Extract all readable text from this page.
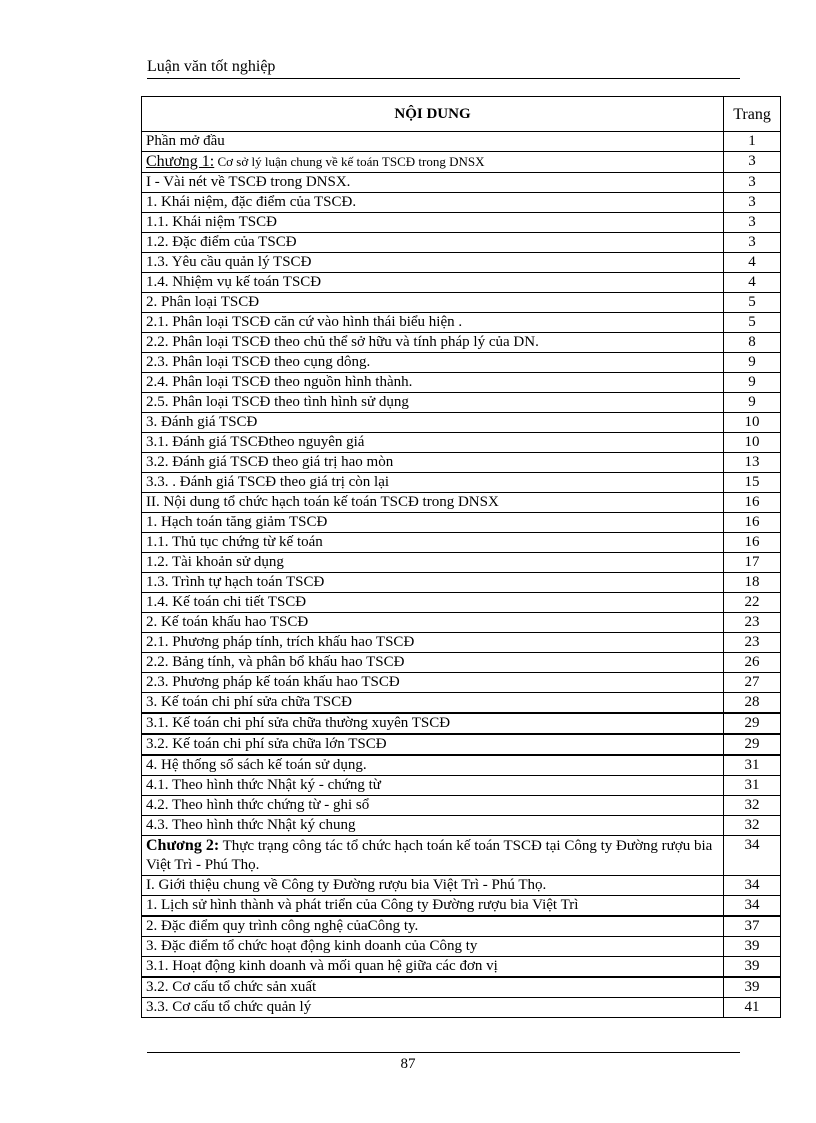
Luận văn tốt nghiệp
NỘI DUNG	Trang
Phần mở đầu	1
Chương 1: Cơ sở lý luận chung về kế toán TSCĐ trong DNSX	3
I - Vài nét về TSCĐ trong DNSX.	3
1. Khái niệm, đặc điểm của TSCĐ.	3
1.1. Khái niệm TSCĐ	3
1.2. Đặc điểm của TSCĐ	3
1.3. Yêu cầu quản lý TSCĐ	4
1.4. Nhiệm vụ kế toán TSCĐ	4
2. Phân loại TSCĐ	5
2.1. Phân loại TSCĐ căn cứ vào hình thái biểu hiện .	5
2.2. Phân loại TSCĐ theo chủ thể sở hữu và tính pháp lý của DN.	8
2.3. Phân loại TSCĐ theo cụng dông.	9
2.4. Phân loại TSCĐ theo nguồn hình thành.	9
2.5. Phân loại TSCĐ theo tình hình sử dụng	9
3. Đánh giá TSCĐ	10
3.1. Đánh giá TSCĐtheo nguyên giá	10
3.2. Đánh giá TSCĐ theo giá trị hao mòn	13
3.3. . Đánh giá TSCĐ theo giá trị còn lại	15
II. Nội dung tổ chức hạch toán kế toán TSCĐ trong DNSX	16
1. Hạch toán tăng giảm TSCĐ	16
1.1. Thủ tục chứng từ kế toán	16
1.2. Tài khoản sử dụng	17
1.3. Trình tự hạch toán TSCĐ	18
1.4. Kế toán chi tiết TSCĐ	22
2. Kế toán khấu hao TSCĐ	23
2.1. Phương pháp tính, trích khấu hao TSCĐ	23
2.2. Bảng tính, và phân bổ khấu hao TSCĐ	26
2.3. Phương pháp kế toán khấu hao TSCĐ	27
3. Kế toán chi phí sửa chữa TSCĐ	28
3.1. Kế toán chi phí sửa chữa thường xuyên TSCĐ	29
3.2. Kế toán chi phí sửa chữa lớn TSCĐ	29
4. Hệ thống sổ sách kế toán sử dụng.	31
4.1. Theo hình thức Nhật ký - chứng từ	31
4.2. Theo hình thức chứng từ - ghi sổ	32
4.3. Theo hình thức Nhật ký chung	32
Chương 2: Thực trạng công tác tổ chức hạch toán kế toán TSCĐ tại Công ty Đường rượu bia Việt Trì - Phú Thọ.	34
I. Giới thiệu chung về Công ty Đường rượu bia Việt Trì - Phú Thọ.	34
1. Lịch sử hình thành và phát triển của Công ty Đường rượu bia Việt Trì	34
2. Đặc điểm quy trình công nghệ củaCông ty.	37
3. Đặc điểm tổ chức hoạt động kinh doanh của Công ty	39
3.1. Hoạt động kinh doanh và mối quan hệ giữa các đơn vị	39
3.2. Cơ cấu tổ chức sản xuất	39
3.3. Cơ cấu tổ chức quản lý	41
87
